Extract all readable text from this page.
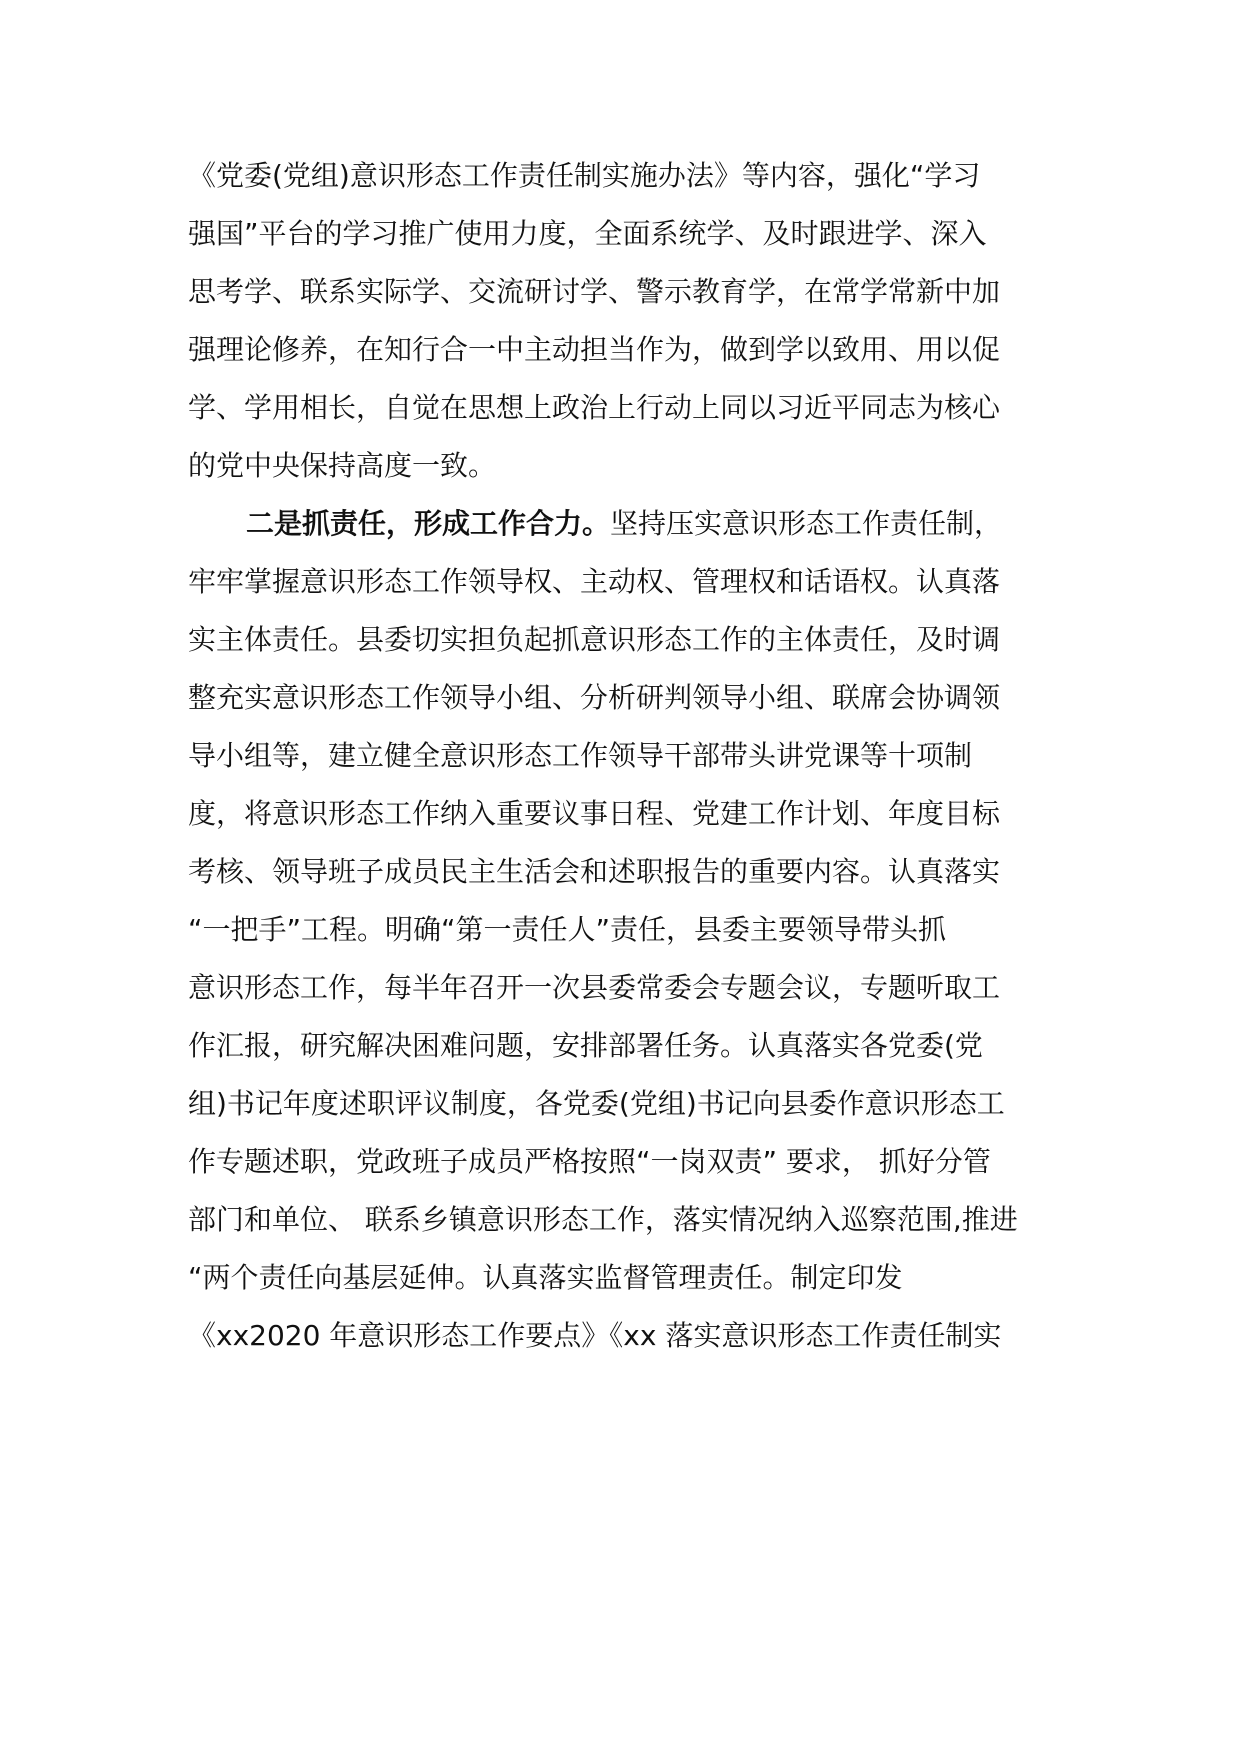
《党委(党组)意识形态工作责任制实施办法》等内容，强化“学习
强国”平台的学习推广使用力度，全面系统学、及时跟进学、深入
思考学、联系实际学、交流研讨学、警示教育学，在常学常新中加
强理论修养，在知行合一中主动担当作为，做到学以致用、用以促
学、学用相长，自觉在思想上政治上行动上同以习近平同志为核心
的党中央保持高度一致。
二是抓责任，形成工作合力。坚持压实意识形态工作责任制，
牢牢掌握意识形态工作领导权、主动权、管理权和话语权。认真落
实主体责任。县委切实担负起抓意识形态工作的主体责任，及时调
整充实意识形态工作领导小组、分析研判领导小组、联席会协调领
导小组等，建立健全意识形态工作领导干部带头讲党课等十项制
度，将意识形态工作纳入重要议事日程、党建工作计划、年度目标
考核、领导班子成员民主生活会和述职报告的重要内容。认真落实
“一把手”工程。明确“第一责任人”责任，县委主要领导带头抓
意识形态工作，每半年召开一次县委常委会专题会议，专题听取工
作汇报，研究解决困难问题，安排部署任务。认真落实各党委(党
组)书记年度述职评议制度，各党委(党组)书记向县委作意识形态工
作专题述职，党政班子成员严格按照“一岗双责” 要求， 抓好分管
部门和单位、 联系乡镇意识形态工作，落实情况纳入巡察范围,推进
“两个责任向基层延伸。认真落实监督管理责任。制定印发
《xx2020 年意识形态工作要点》《xx 落实意识形态工作责任制实
